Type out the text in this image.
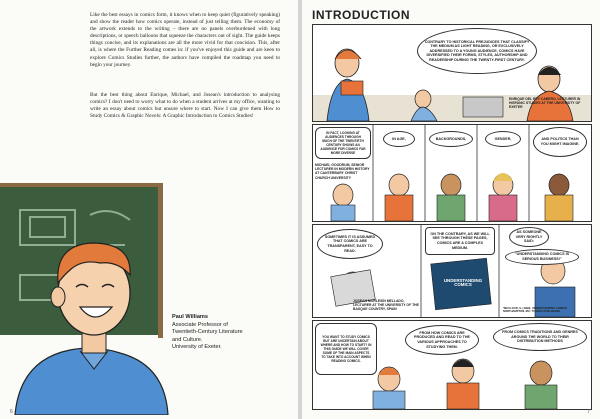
Like the best essays in comics form, it knows when to keep quiet (figuratively speaking) and show the reader how comics operate, instead of just telling them. The economy of the artwork extends to the writing – there are no panels overburdened with long descriptions, or speech balloons that squeeze the characters out of sight. The guide keeps things concise, and its explanations are all the more vivid for that concision. This, after all, is where the Further Reading comes in: if you've enjoyed this guide and are keen to explore Comics Studies further, the authors have compiled the roadmap you need to begin your journey.

But the best thing about Enrique, Michael, and Josean's introduction to analysing comics? I don't need to worry what to do when a student arrives at my office, wanting to write an essay about comics but unsure where to start. Now I can give them How to Study Comics & Graphic Novels: A Graphic Introduction to Comics Studies!

Paul Williams
Associate Professor of
Twentieth-Century Literature
and Culture.
University of Exeter.
6
INTRODUCTION
CONTRARY TO HISTORICAL PREJUDICES THAT CLASSIFY THE MEDIUM AS LIGHT READING, OR EXCLUSIVELY ADDRESSED TO A YOUNG AUDIENCE, COMICS HAVE DIVERSIFIED THEIR FORMS, STYLES, AUTHORSHIP AND READERSHIP DURING THE TWENTY-FIRST CENTURY.
ENRIQUE DEL REY CABERO, LECTURER IN HISPANIC STUDIES AT THE UNIVERSITY OF EXETER
IN FACT, LOOKING AT AUDIENCES THROUGH MUCH OF THE TWENTIETH CENTURY SHOWS AN AUDIENCE FOR COMICS FAR MORE DIVERSE
MICHAEL GOODRUM, SENIOR LECTURER IN MODERN HISTORY AT CANTERBURY CHRIST CHURCH UNIVERSITY
IN AGE,	BACKGROUNDS,	GENDER,	AND POLITICS THAN YOU MIGHT IMAGINE.
SOMETIMES IT IS ASSUMED THAT COMICS ARE TRANSPARENT, EASY TO READ.
JOSEAN MORLESÍN MELLADO, LECTURER AT THE UNIVERSITY OF THE BASQUE COUNTRY, SPAIN
ON THE CONTRARY, AS WE WILL SEE THROUGH THESE PAGES, COMICS ARE A COMPLEX MEDIUM.
UNDERSTANDING COMICS
AS SOMEONE VERY RIGHTLY SAID:
"UNDERSTANDING COMICS IS SERIOUS BUSINESS!"
*MCCLOUD, S. (1993). UNDERSTANDING COMICS. NORTHAMPTON, MA: TUNDRA PUBLISHING
YOU WANT TO STUDY COMICS BUT ARE UNCERTAIN ABOUT WHERE AND HOW TO START? IN THIS GUIDE WE WILL COVER SOME OF THE MAIN ASPECTS TO TAKE INTO ACCOUNT WHEN READING COMICS.
FROM HOW COMICS ARE PRODUCED AND READ TO THE VARIOUS APPROACHES TO STUDYING THEM.
FROM COMICS TRADITIONS AND GENRES AROUND THE WORLD TO THEIR DISTRIBUTION METHODS
7
